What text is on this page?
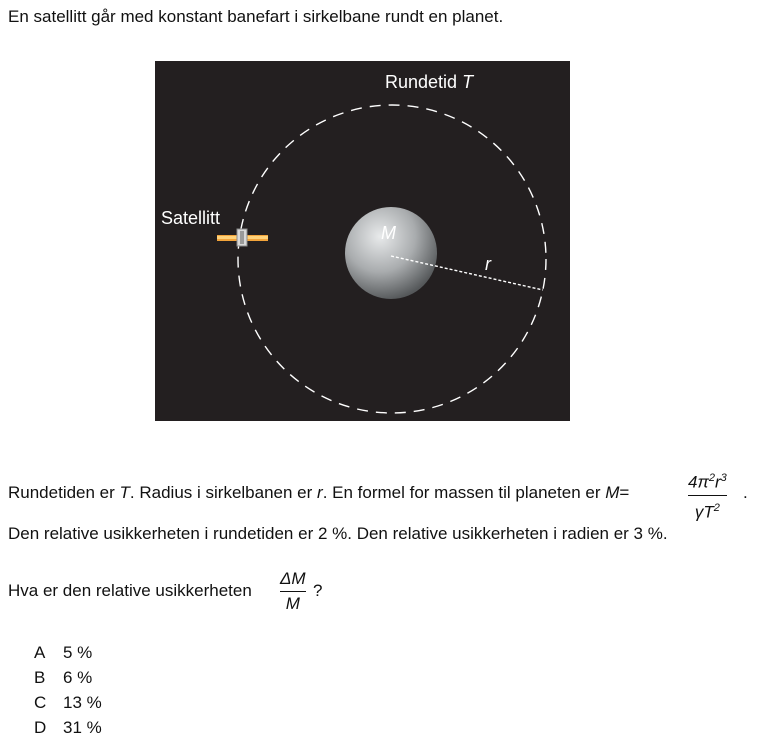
En satellitt går med konstant banefart i sirkelbane rundt en planet.

Rundetid T
Satellitt
M
r
Rundetiden er T. Radius i sirkelbanen er r. En formel for massen til planeten er M=
$4\pi^2r^3$
$\gamma T^2$
.

Den relative usikkerheten i rundetiden er 2 %. Den relative usikkerheten i radien er 3 %.

Hva er den relative usikkerheten
ΔM
M
?
A 5 %
B 6 %
C 13 %
D 31 %
